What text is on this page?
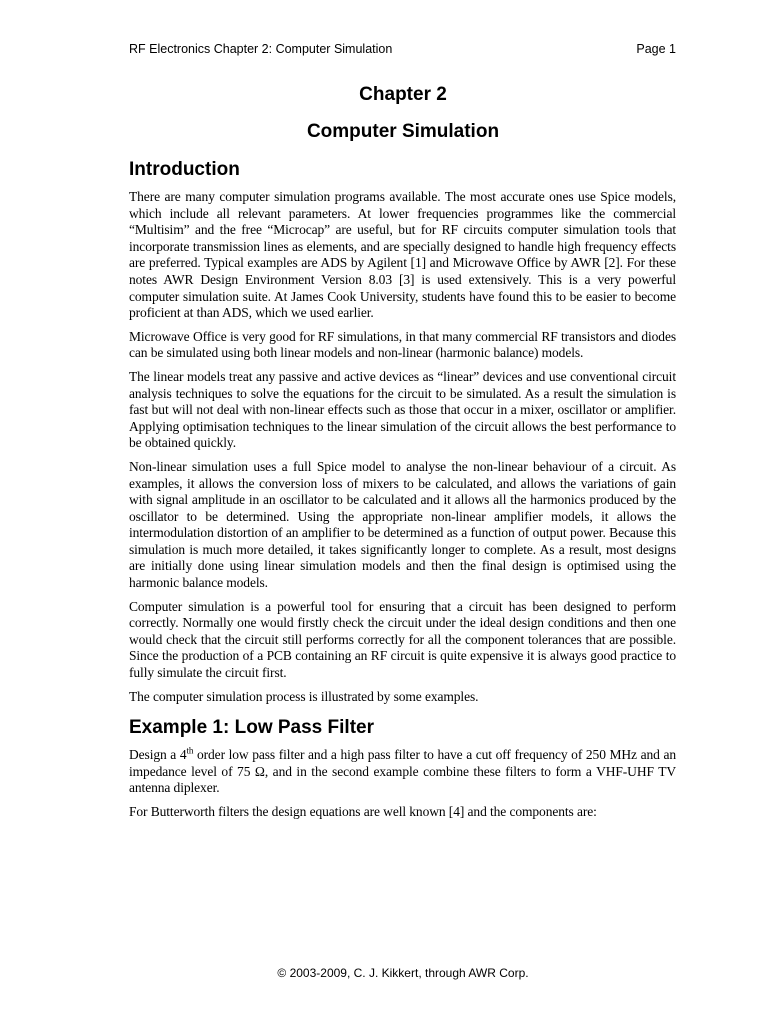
RF Electronics Chapter 2: Computer Simulation	Page 1
Chapter 2
Computer Simulation
Introduction

There are many computer simulation programs available. The most accurate ones use Spice models, which include all relevant parameters. At lower frequencies programmes like the commercial “Multisim” and the free “Microcap” are useful, but for RF circuits computer simulation tools that incorporate transmission lines as elements, and are specially designed to handle high frequency effects are preferred. Typical examples are ADS by Agilent [1] and Microwave Office by AWR [2]. For these notes AWR Design Environment Version 8.03 [3] is used extensively. This is a very powerful computer simulation suite. At James Cook University, students have found this to be easier to become proficient at than ADS, which we used earlier.

Microwave Office is very good for RF simulations, in that many commercial RF transistors and diodes can be simulated using both linear models and non-linear (harmonic balance) models.

The linear models treat any passive and active devices as “linear” devices and use conventional circuit analysis techniques to solve the equations for the circuit to be simulated. As a result the simulation is fast but will not deal with non-linear effects such as those that occur in a mixer, oscillator or amplifier. Applying optimisation techniques to the linear simulation of the circuit allows the best performance to be obtained quickly.

Non-linear simulation uses a full Spice model to analyse the non-linear behaviour of a circuit. As examples, it allows the conversion loss of mixers to be calculated, and allows the variations of gain with signal amplitude in an oscillator to be calculated and it allows all the harmonics produced by the oscillator to be determined. Using the appropriate non-linear amplifier models, it allows the intermodulation distortion of an amplifier to be determined as a function of output power. Because this simulation is much more detailed, it takes significantly longer to complete. As a result, most designs are initially done using linear simulation models and then the final design is optimised using the harmonic balance models.

Computer simulation is a powerful tool for ensuring that a circuit has been designed to perform correctly. Normally one would firstly check the circuit under the ideal design conditions and then one would check that the circuit still performs correctly for all the component tolerances that are possible. Since the production of a PCB containing an RF circuit is quite expensive it is always good practice to fully simulate the circuit first.

The computer simulation process is illustrated by some examples.

Example 1: Low Pass Filter

Design a 4th order low pass filter and a high pass filter to have a cut off frequency of 250 MHz and an impedance level of 75 Ω, and in the second example combine these filters to form a VHF-UHF TV antenna diplexer.

For Butterworth filters the design equations are well known [4] and the components are:

© 2003-2009, C. J. Kikkert, through AWR Corp.
